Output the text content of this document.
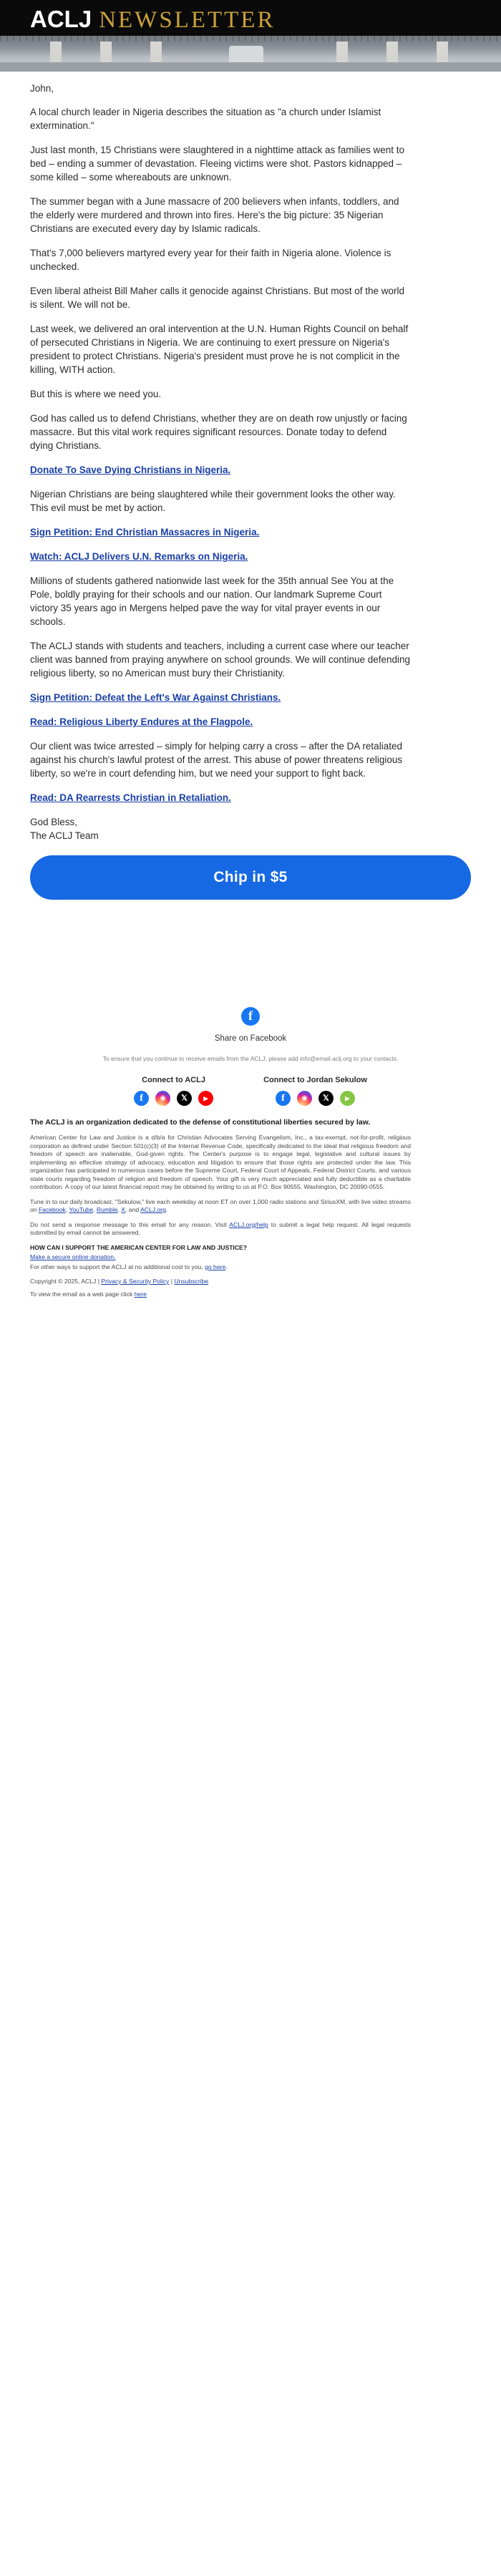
ACLJ NEWSLETTER

John,

A local church leader in Nigeria describes the situation as "a church under Islamist extermination."

Just last month, 15 Christians were slaughtered in a nighttime attack as families went to bed – ending a summer of devastation. Fleeing victims were shot. Pastors kidnapped – some killed – some whereabouts are unknown.

The summer began with a June massacre of 200 believers when infants, toddlers, and the elderly were murdered and thrown into fires. Here's the big picture: 35 Nigerian Christians are executed every day by Islamic radicals.

That's 7,000 believers martyred every year for their faith in Nigeria alone. Violence is unchecked.

Even liberal atheist Bill Maher calls it genocide against Christians. But most of the world is silent. We will not be.

Last week, we delivered an oral intervention at the U.N. Human Rights Council on behalf of persecuted Christians in Nigeria. We are continuing to exert pressure on Nigeria's president to protect Christians. Nigeria's president must prove he is not complicit in the killing, WITH action.

But this is where we need you.

God has called us to defend Christians, whether they are on death row unjustly or facing massacre. But this vital work requires significant resources. Donate today to defend dying Christians.

Donate To Save Dying Christians in Nigeria.

Nigerian Christians are being slaughtered while their government looks the other way. This evil must be met by action.

Sign Petition: End Christian Massacres in Nigeria.
Watch: ACLJ Delivers U.N. Remarks on Nigeria.

Millions of students gathered nationwide last week for the 35th annual See You at the Pole, boldly praying for their schools and our nation. Our landmark Supreme Court victory 35 years ago in Mergens helped pave the way for vital prayer events in our schools.

The ACLJ stands with students and teachers, including a current case where our teacher client was banned from praying anywhere on school grounds. We will continue defending religious liberty, so no American must bury their Christianity.

Sign Petition: Defeat the Left's War Against Christians.
Read: Religious Liberty Endures at the Flagpole.

Our client was twice arrested – simply for helping carry a cross – after the DA retaliated against his church's lawful protest of the arrest. This abuse of power threatens religious liberty, so we're in court defending him, but we need your support to fight back.

Read: DA Rearrests Christian in Retaliation.
God Bless,
The ACLJ Team
Chip in $5
f
Share on Facebook
To ensure that you continue to receive emails from the ACLJ, please add info@email.aclj.org to your contacts.
Connect to ACLJ
f	◉	𝕏	▶
Connect to Jordan Sekulow
f	◉	𝕏	▶
The ACLJ is an organization dedicated to the defense of constitutional liberties secured by law.

American Center for Law and Justice is a d/b/a for Christian Advocates Serving Evangelism, Inc., a tax-exempt, not-for-profit, religious corporation as defined under Section 501(c)(3) of the Internal Revenue Code, specifically dedicated to the ideal that religious freedom and freedom of speech are inalienable, God-given rights. The Center's purpose is to engage legal, legislative and cultural issues by implementing an effective strategy of advocacy, education and litigation to ensure that those rights are protected under the law. This organization has participated in numerous cases before the Supreme Court, Federal Court of Appeals, Federal District Courts, and various state courts regarding freedom of religion and freedom of speech. Your gift is very much appreciated and fully deductible as a charitable contribution. A copy of our latest financial report may be obtained by writing to us at P.O. Box 90555, Washington, DC 20090-0555.

Tune in to our daily broadcast, "Sekulow," live each weekday at noon ET on over 1,000 radio stations and SiriusXM, with live video streams on Facebook, YouTube, Rumble, X, and ACLJ.org.

Do not send a response message to this email for any reason. Visit ACLJ.org/help to submit a legal help request. All legal requests submitted by email cannot be answered.

HOW CAN I SUPPORT THE AMERICAN CENTER FOR LAW AND JUSTICE?
Make a secure online donation.
For other ways to support the ACLJ at no additional cost to you, go here.
Copyright © 2025, ACLJ | Privacy & Security Policy | Unsubscribe
To view the email as a web page click here
